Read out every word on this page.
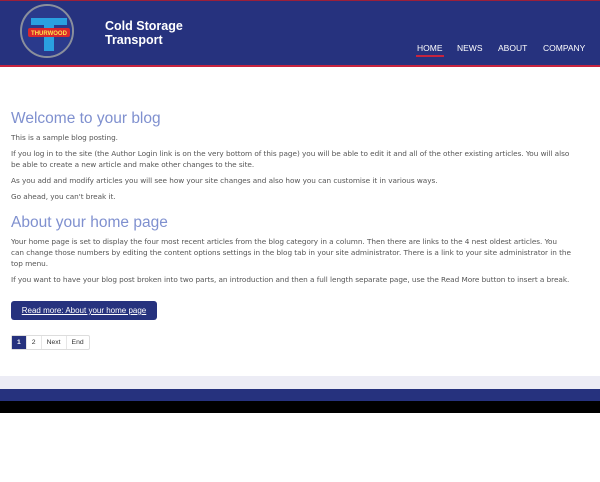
THURWOOD
Cold Storage
Transport
HOME NEWS ABOUT COMPANY
Welcome to your blog

This is a sample blog posting.

If you log in to the site (the Author Login link is on the very bottom of this page) you will be able to edit it and all of the other existing articles. You will also be able to create a new article and make other changes to the site.

As you add and modify articles you will see how your site changes and also how you can customise it in various ways.

Go ahead, you can't break it.

About your home page

Your home page is set to display the four most recent articles from the blog category in a column. Then there are links to the 4 nest oldest articles. You can change those numbers by editing the content options settings in the blog tab in your site administrator. There is a link to your site administrator in the top menu.

If you want to have your blog post broken into two parts, an introduction and then a full length separate page, use the Read More button to insert a break.

Read more: About your home page
1	2	Next	End
